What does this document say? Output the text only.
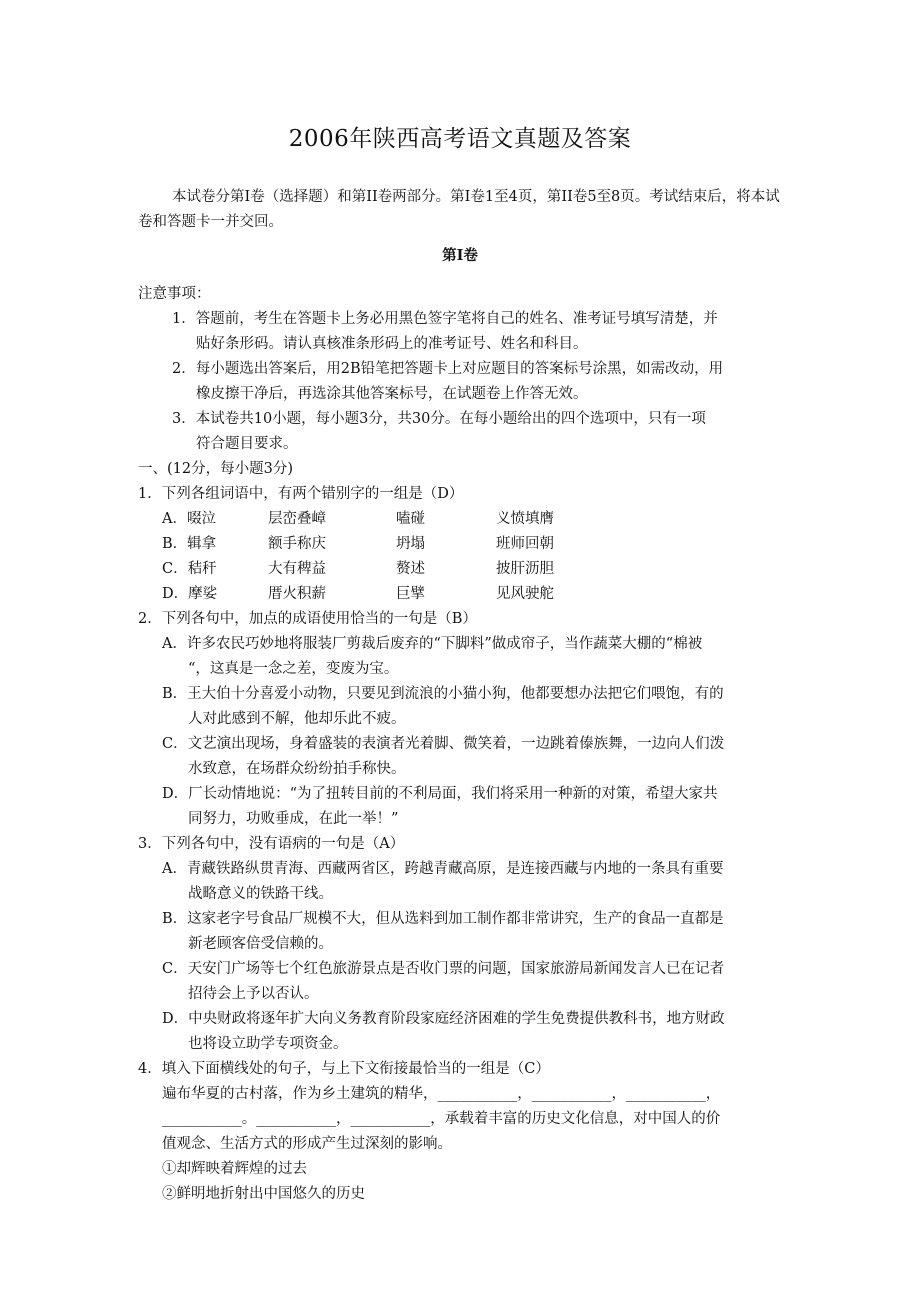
2006年陕西高考语文真题及答案
本试卷分第Ⅰ卷（选择题）和第II卷两部分。第Ⅰ卷1至4页，第II卷5至8页。考试结束后，将本试卷和答题卡一并交回。
第Ⅰ卷
注意事项：
1．答题前，考生在答题卡上务必用黑色签字笔将自己的姓名、准考证号填写清楚，并
贴好条形码。请认真核准条形码上的准考证号、姓名和科目。
2．每小题选出答案后，用2B铅笔把答题卡上对应题目的答案标号涂黑，如需改动，用
橡皮擦干净后，再选涂其他答案标号，在试题卷上作答无效。
3．本试卷共10小题，每小题3分，共30分。在每小题给出的四个选项中，只有一项
符合题目要求。
一、(12分，每小题3分)
1．下列各组词语中，有两个错别字的一组是（D）
A．啜泣	层峦叠嶂	嗑碰	义愤填膺
B．辑拿	额手称庆	坍塌	班师回朝
C．秸秆	大有稗益	赘述	披肝沥胆
D．摩娑	厝火积薪	巨擘	见风驶舵
2．下列各句中，加点的成语使用恰当的一句是（B）
A．许多农民巧妙地将服装厂剪裁后废弃的“下脚料”做成帘子，当作蔬菜大棚的“棉被
“，这真是一念之差，变废为宝。
B．王大伯十分喜爱小动物，只要见到流浪的小猫小狗，他都要想办法把它们喂饱，有的
人对此感到不解，他却乐此不疲。
C．文艺演出现场，身着盛装的表演者光着脚、微笑着，一边跳着傣族舞，一边向人们泼
水致意，在场群众纷纷拍手称快。
D．厂长动情地说：“为了扭转目前的不利局面，我们将采用一种新的对策，希望大家共
同努力，功败垂成，在此一举！”
3．下列各句中，没有语病的一句是（A）
A．青藏铁路纵贯青海、西藏两省区，跨越青藏高原，是连接西藏与内地的一条具有重要
战略意义的铁路干线。
B．这家老字号食品厂规模不大，但从选料到加工制作都非常讲究，生产的食品一直都是
新老顾客倍受信赖的。
C．天安门广场等七个红色旅游景点是否收门票的问题，国家旅游局新闻发言人已在记者
招待会上予以否认。
D．中央财政将逐年扩大向义务教育阶段家庭经济困难的学生免费提供教科书，地方财政
也将设立助学专项资金。
4．填入下面横线处的句子，与上下文衔接最恰当的一组是（C）
遍布华夏的古村落，作为乡土建筑的精华，___________，___________，___________，
___________。___________，___________，承载着丰富的历史文化信息，对中国人的价
值观念、生活方式的形成产生过深刻的影响。
①却辉映着辉煌的过去
②鲜明地折射出中国悠久的历史
